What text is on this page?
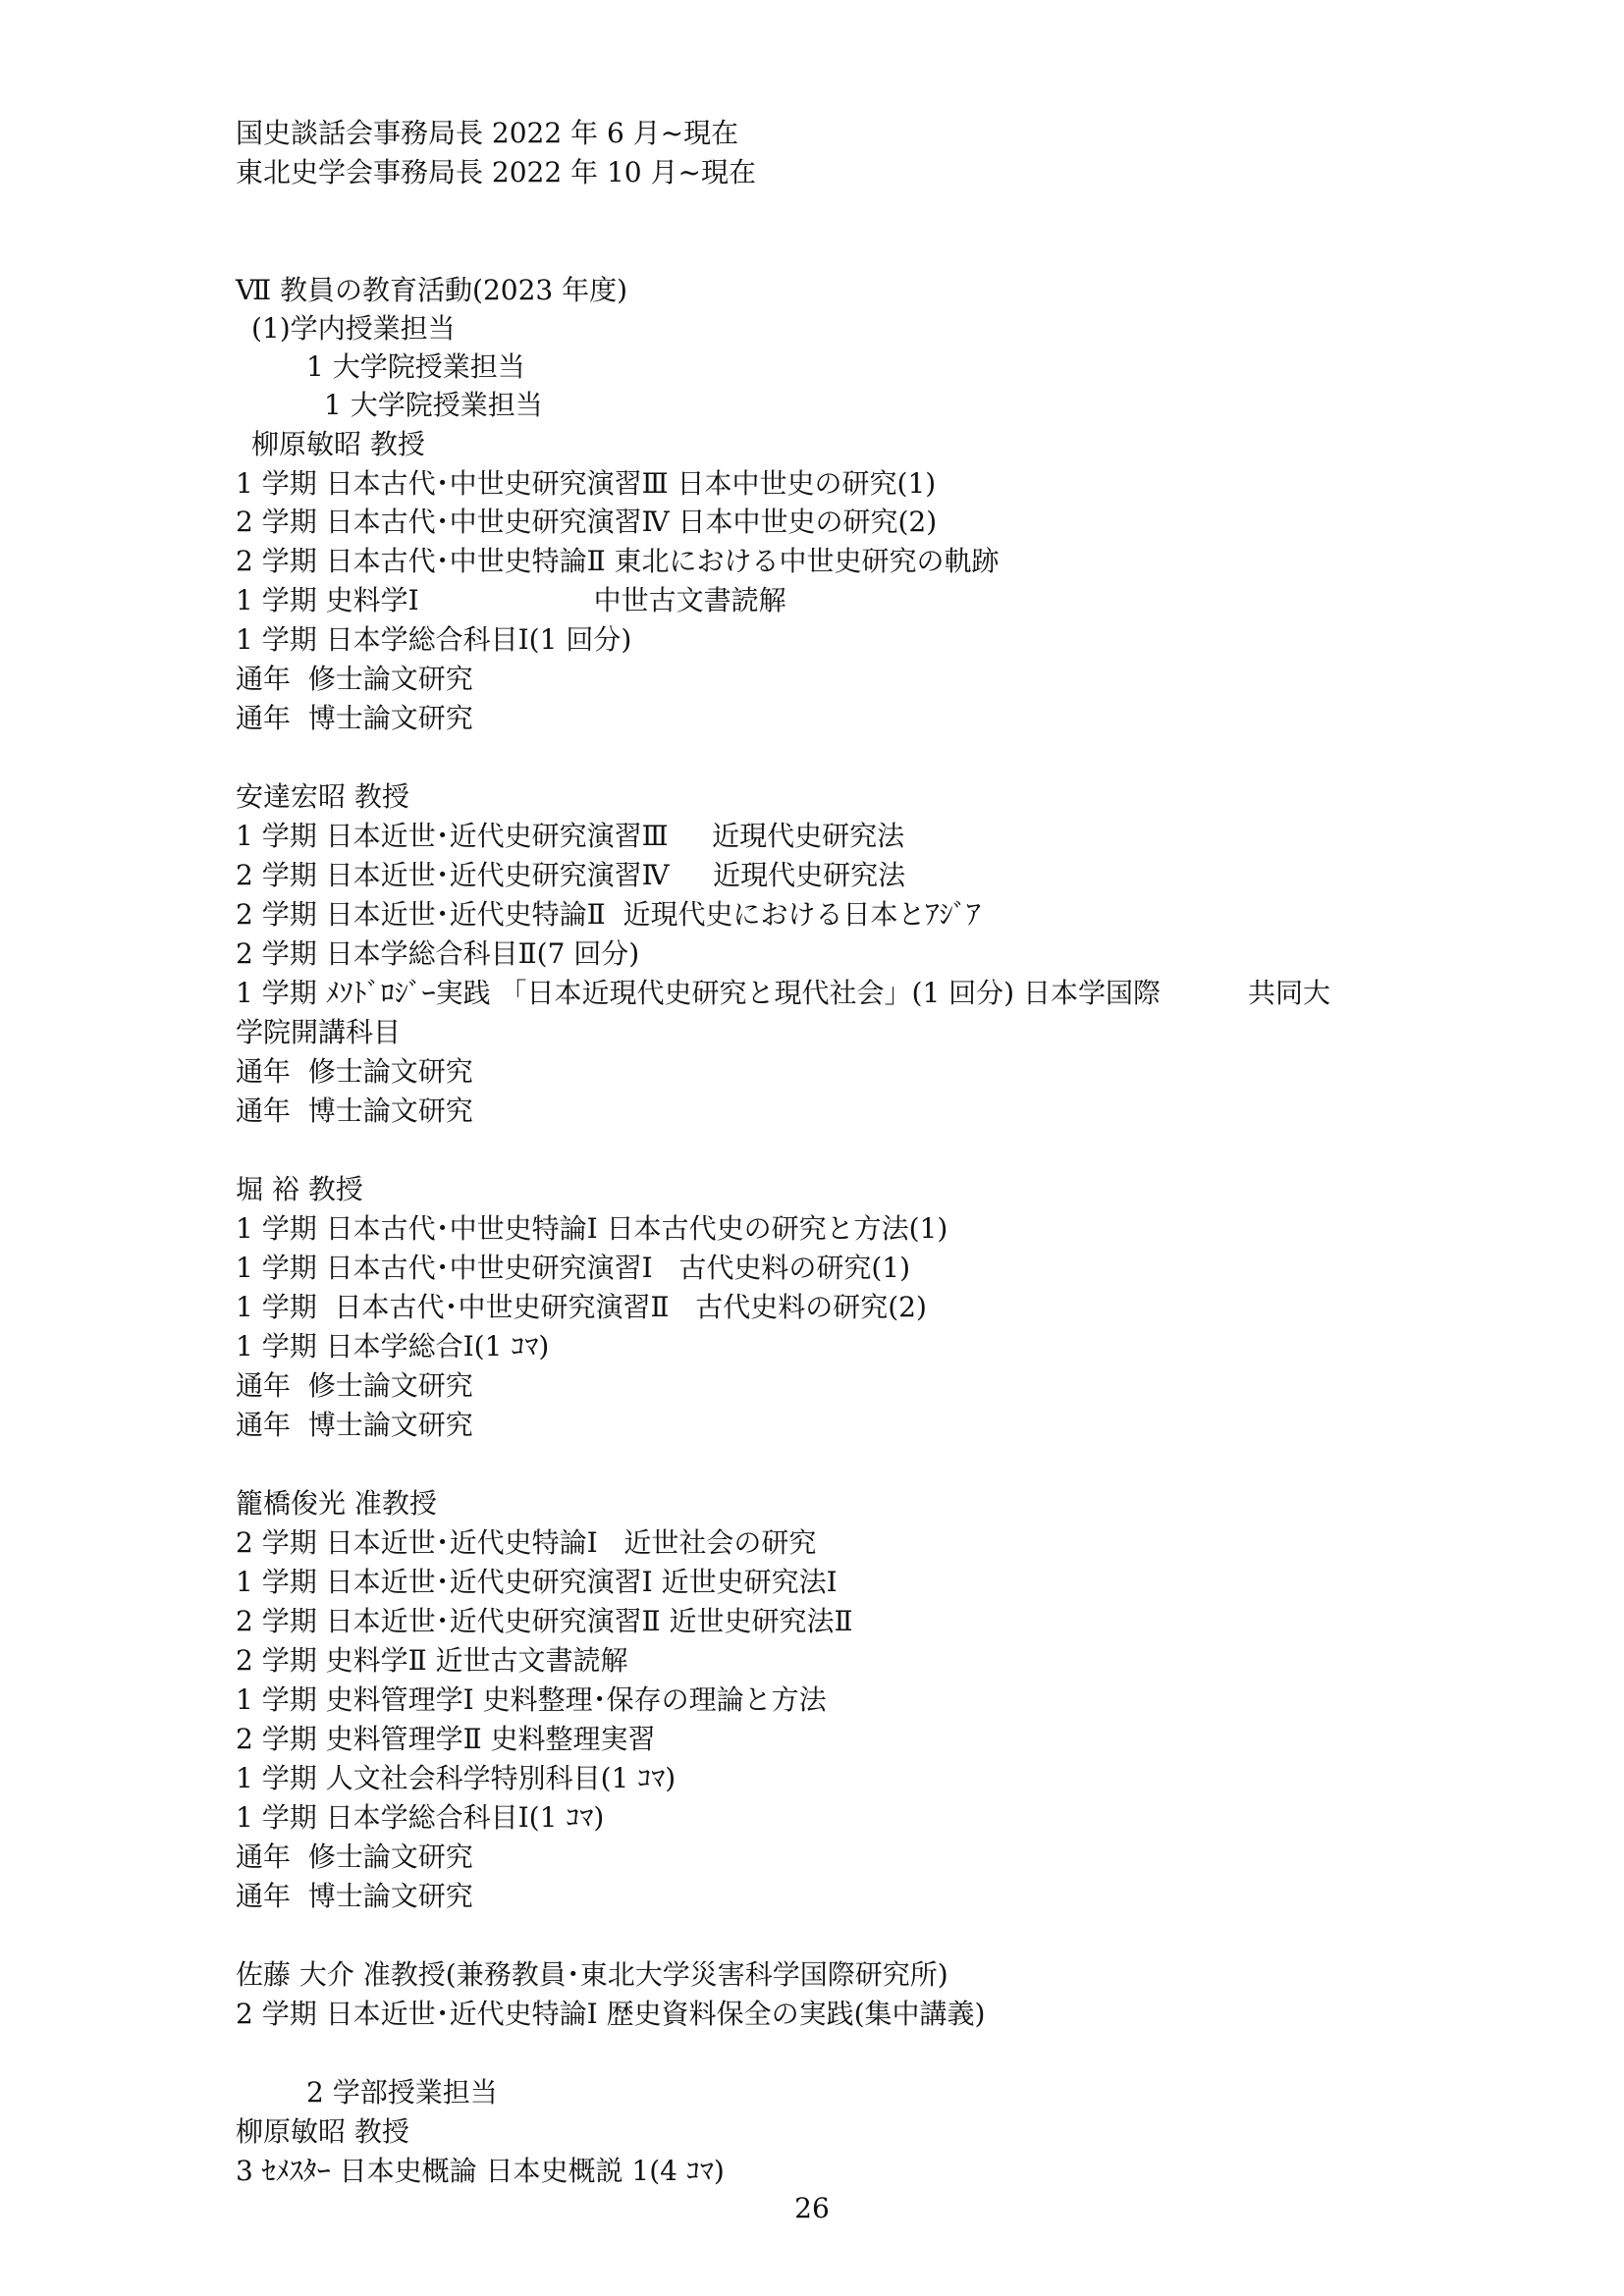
国史談話会事務局長 2022 年 6 月~現在
東北史学会事務局長 2022 年 10 月~現在
Ⅶ 教員の教育活動(2023 年度)
(1)学内授業担当
1 大学院授業担当
1 大学院授業担当
柳原敏昭 教授
1 学期 日本古代･中世史研究演習Ⅲ 日本中世史の研究(1)
2 学期 日本古代･中世史研究演習Ⅳ 日本中世史の研究(2)
2 学期 日本古代･中世史特論Ⅱ 東北における中世史研究の軌跡
1 学期 史料学Ⅰ                    中世古文書読解
1 学期 日本学総合科目Ⅰ(1 回分)
通年  修士論文研究
通年  博士論文研究
安達宏昭 教授
1 学期 日本近世･近代史研究演習Ⅲ     近現代史研究法
2 学期 日本近世･近代史研究演習Ⅳ     近現代史研究法
2 学期 日本近世･近代史特論Ⅱ  近現代史における日本とｱｼﾞｱ
2 学期 日本学総合科目Ⅱ(7 回分)
1 学期 ﾒｿﾄﾞﾛｼﾞｰ実践 「日本近現代史研究と現代社会」(1 回分) 日本学国際          共同大
学院開講科目
通年  修士論文研究
通年  博士論文研究
堀 裕 教授
1 学期 日本古代･中世史特論Ⅰ 日本古代史の研究と方法(1)
1 学期 日本古代･中世史研究演習Ⅰ   古代史料の研究(1)
1 学期  日本古代･中世史研究演習Ⅱ   古代史料の研究(2)
1 学期 日本学総合Ⅰ(1 ｺﾏ)
通年  修士論文研究
通年  博士論文研究
籠橋俊光 准教授
2 学期 日本近世･近代史特論Ⅰ   近世社会の研究
1 学期 日本近世･近代史研究演習Ⅰ 近世史研究法Ⅰ
2 学期 日本近世･近代史研究演習Ⅱ 近世史研究法Ⅱ
2 学期 史料学Ⅱ 近世古文書読解
1 学期 史料管理学Ⅰ 史料整理･保存の理論と方法
2 学期 史料管理学Ⅱ 史料整理実習
1 学期 人文社会科学特別科目(1 ｺﾏ)
1 学期 日本学総合科目Ⅰ(1 ｺﾏ)
通年  修士論文研究
通年  博士論文研究
佐藤 大介 准教授(兼務教員･東北大学災害科学国際研究所)
2 学期 日本近世･近代史特論Ⅰ 歴史資料保全の実践(集中講義)
2 学部授業担当
柳原敏昭 教授
3 ｾﾒｽﾀｰ 日本史概論 日本史概説 1(4 ｺﾏ)
26
